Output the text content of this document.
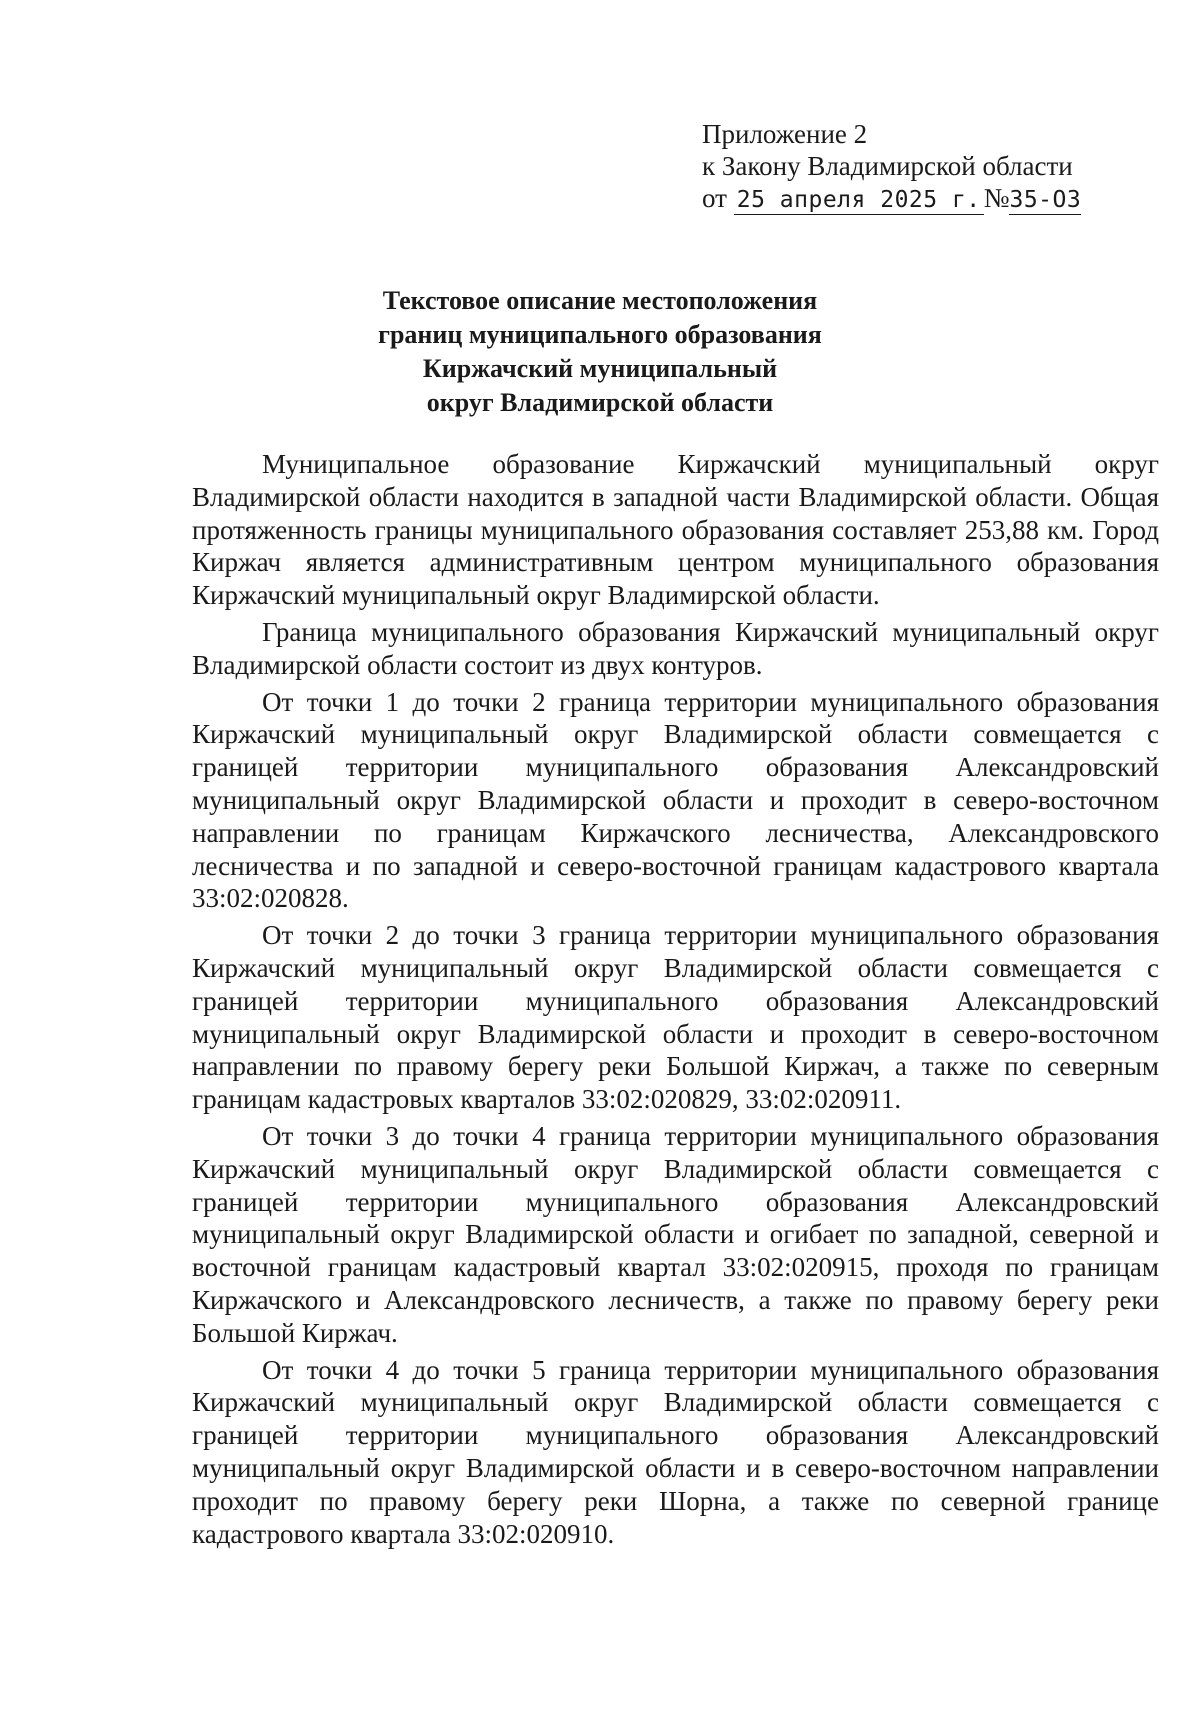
Приложение 2
к Закону Владимирской области
от 25 апреля 2025 г. №35-ОЗ
Текстовое описание местоположения
границ муниципального образования
Киржачский муниципальный
округ Владимирской области

Муниципальное образование Киржачский муниципальный округ Владимирской области находится в западной части Владимирской области. Общая протяженность границы муниципального образования составляет 253,88 км. Город Киржач является административным центром муниципального образования Киржачский муниципальный округ Владимирской области.

Граница муниципального образования Киржачский муниципальный округ Владимирской области состоит из двух контуров.

От точки 1 до точки 2 граница территории муниципального образования Киржачский муниципальный округ Владимирской области совмещается с границей территории муниципального образования Александровский муниципальный округ Владимирской области и проходит в северо-восточном направлении по границам Киржачского лесничества, Александровского лесничества и по западной и северо-восточной границам кадастрового квартала 33:02:020828.

От точки 2 до точки 3 граница территории муниципального образования Киржачский муниципальный округ Владимирской области совмещается с границей территории муниципального образования Александровский муниципальный округ Владимирской области и проходит в северо-восточном направлении по правому берегу реки Большой Киржач, а также по северным границам кадастровых кварталов 33:02:020829, 33:02:020911.

От точки 3 до точки 4 граница территории муниципального образования Киржачский муниципальный округ Владимирской области совмещается с границей территории муниципального образования Александровский муниципальный округ Владимирской области и огибает по западной, северной и восточной границам кадастровый квартал 33:02:020915, проходя по границам Киржачского и Александровского лесничеств, а также по правому берегу реки Большой Киржач.

От точки 4 до точки 5 граница территории муниципального образования Киржачский муниципальный округ Владимирской области совмещается с границей территории муниципального образования Александровский муниципальный округ Владимирской области и в северо-восточном направлении проходит по правому берегу реки Шорна, а также по северной границе кадастрового квартала 33:02:020910.
